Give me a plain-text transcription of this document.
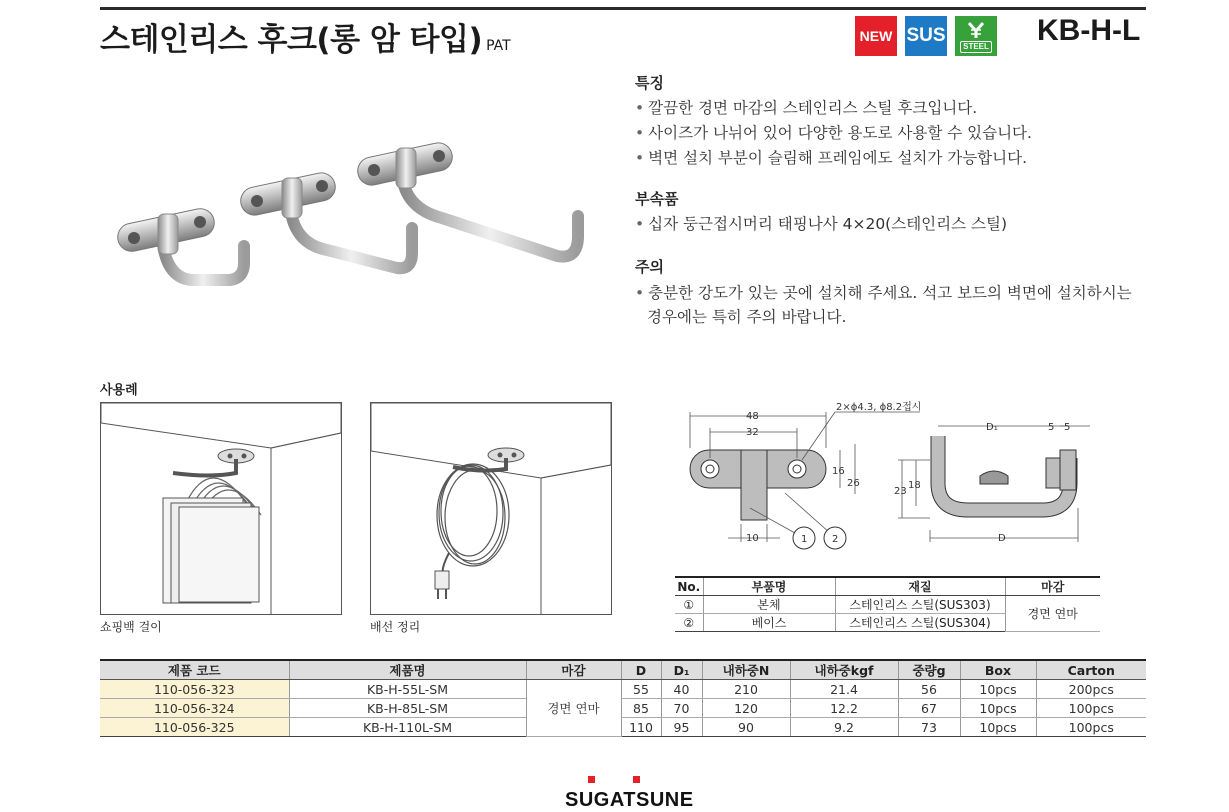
스테인리스 후크(롱 암 타입) PAT
NEW SUS	STEEL KB-H-L
특징
• 깔끔한 경면 마감의 스테인리스 스틸 후크입니다.
• 사이즈가 나뉘어 있어 다양한 용도로 사용할 수 있습니다.
• 벽면 설치 부분이 슬림해 프레임에도 설치가 가능합니다.
부속품
• 십자 둥근접시머리 태핑나사 4×20(스테인리스 스틸)
주의
• 충분한 강도가 있는 곳에 설치해 주세요. 석고 보드의 벽면에 설치하시는
경우에는 특히 주의 바랍니다.
사용례
쇼핑백 걸이	배선 정리
48
32
2×ϕ4.3, ϕ8.2접시
16
26
10	1 2
D₁	5 5
23
18
D
No.	부품명	재질	마감
①	본체	스테인리스 스틸(SUS303)	경면 연마
②	베이스	스테인리스 스틸(SUS304)	
제품 코드	제품명	마감	D	D₁	내하중N	내하중kgf	중량g	Box	Carton
110-056-323	KB-H-55L-SM	경면 연마	55	40	210	21.4	56	10pcs	200pcs
110-056-324	KB-H-85L-SM		85	70	120	12.2	67	10pcs	100pcs
110-056-325	KB-H-110L-SM		110	95	90	9.2	73	10pcs	100pcs
SUGATSUNE
